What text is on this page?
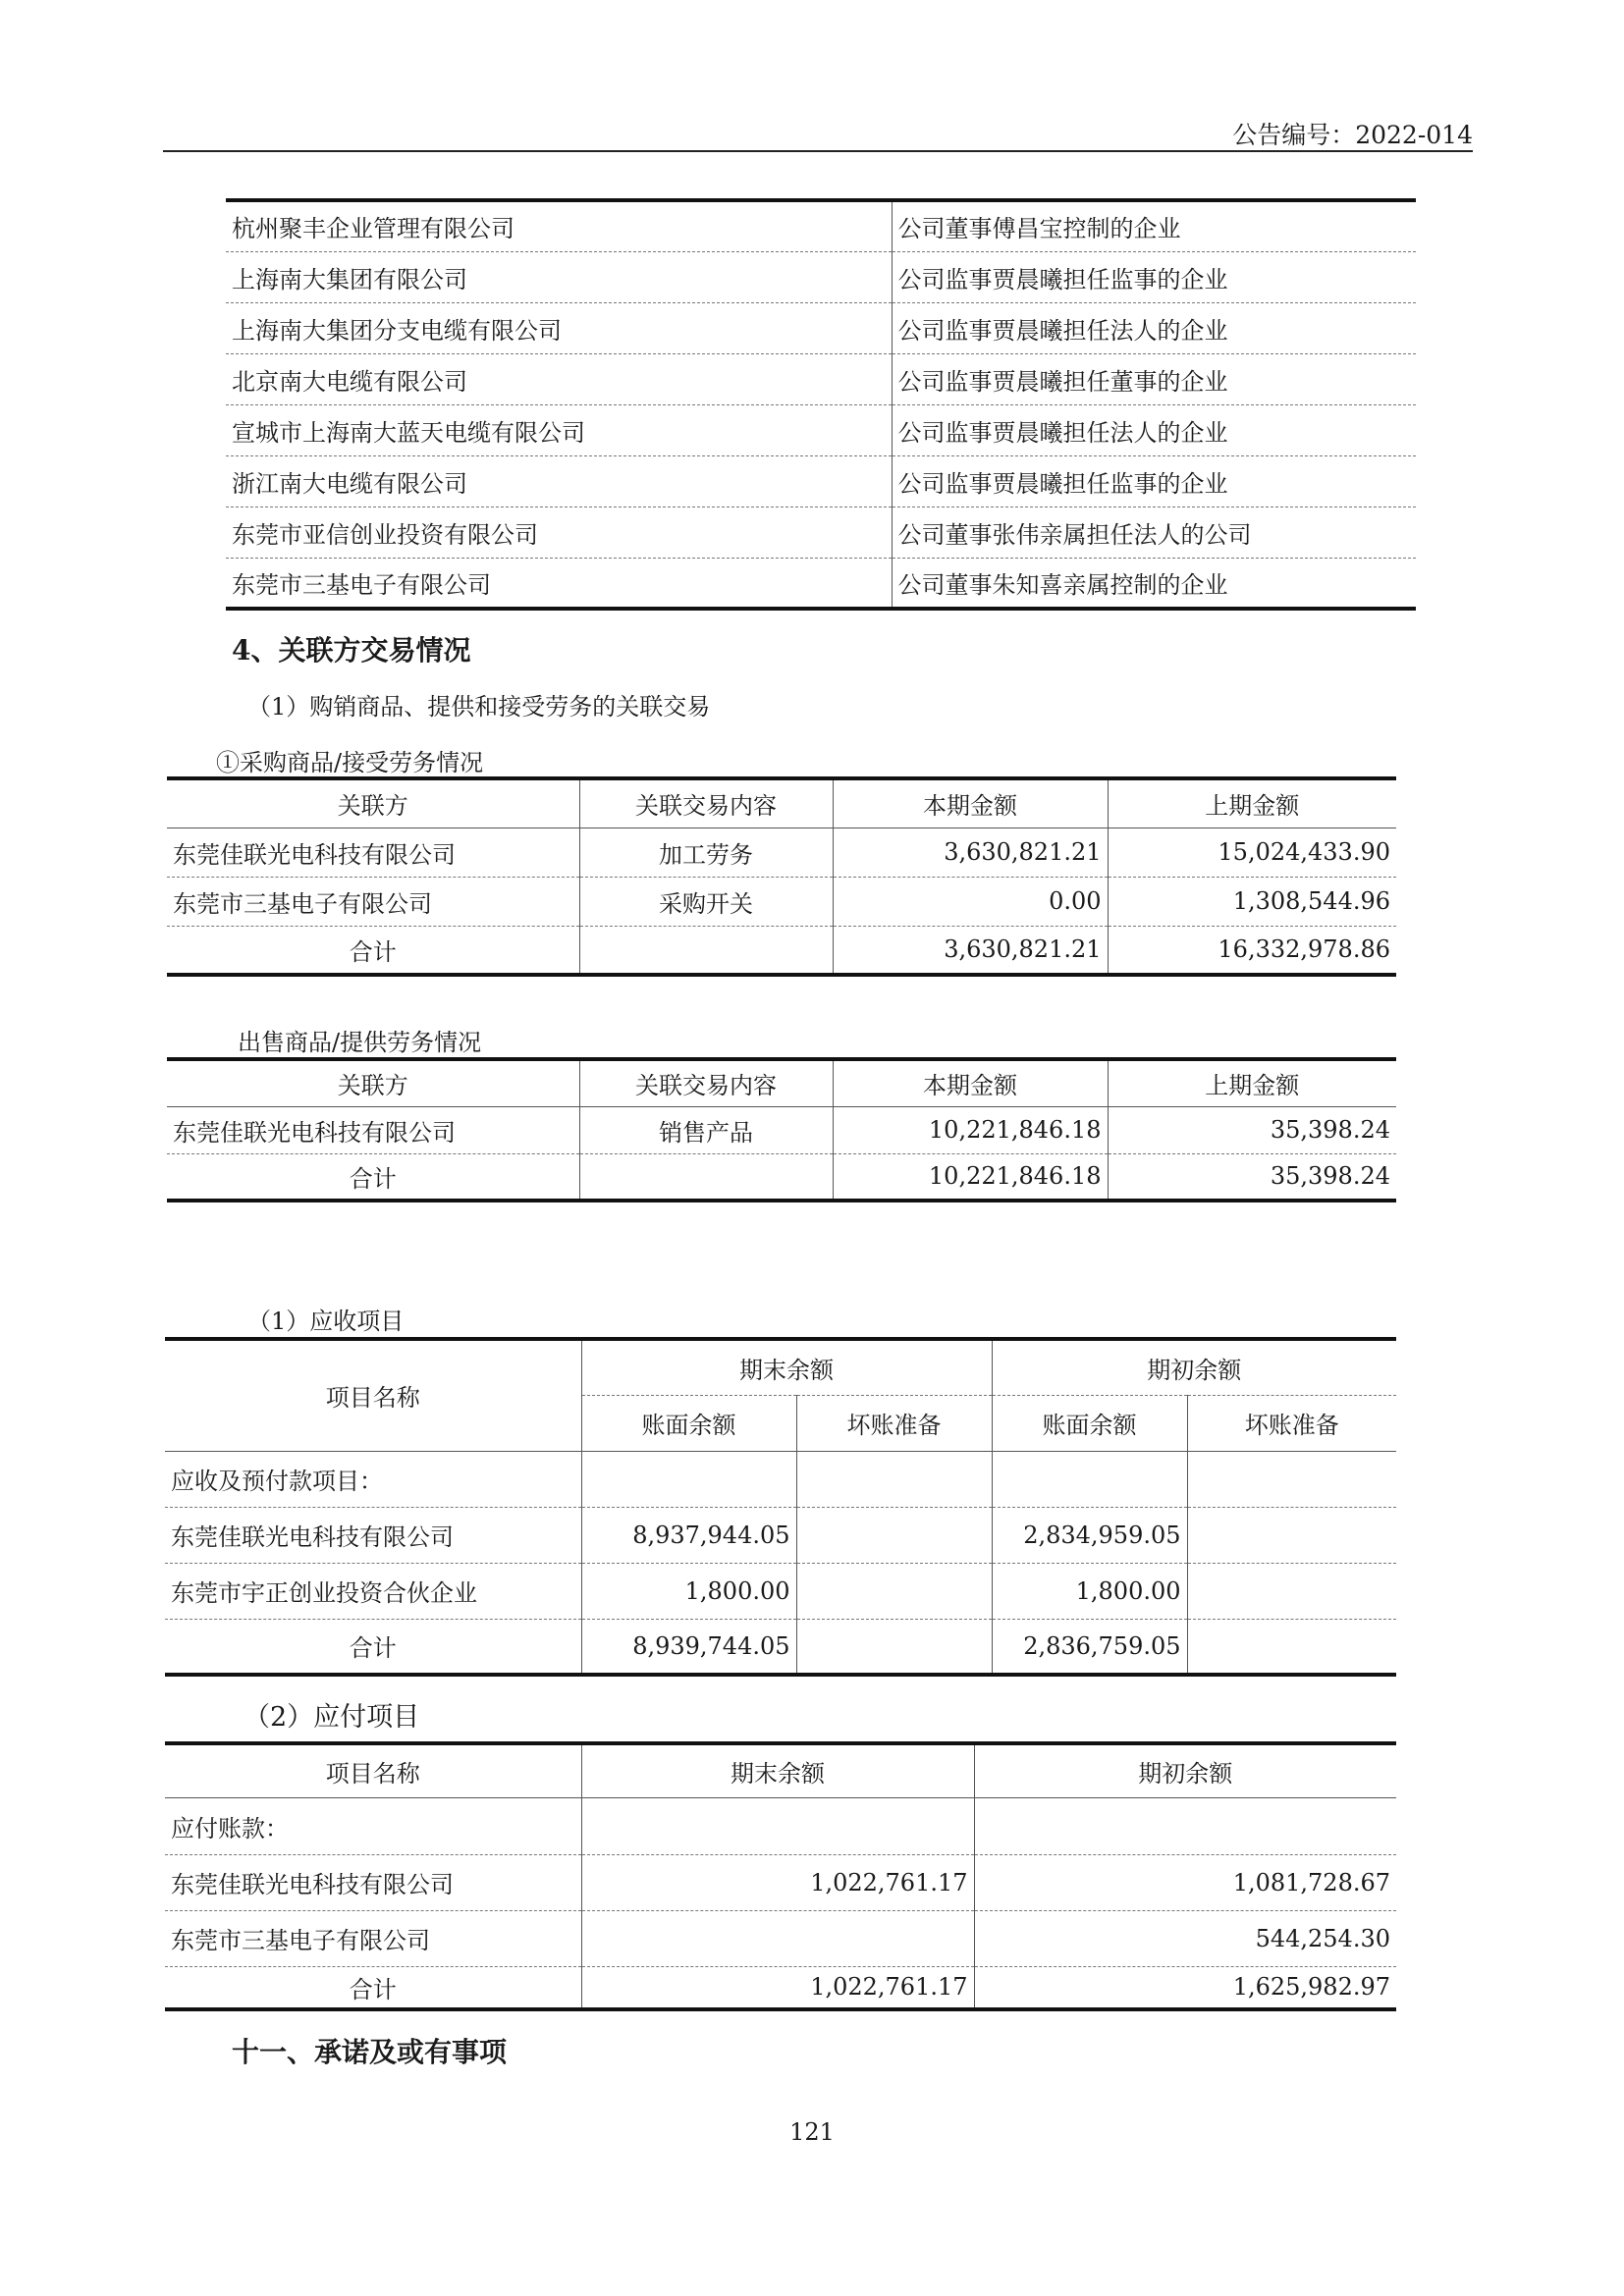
公告编号：2022-014
杭州聚丰企业管理有限公司	公司董事傅昌宝控制的企业
上海南大集团有限公司	公司监事贾晨曦担任监事的企业
上海南大集团分支电缆有限公司	公司监事贾晨曦担任法人的企业
北京南大电缆有限公司	公司监事贾晨曦担任董事的企业
宣城市上海南大蓝天电缆有限公司	公司监事贾晨曦担任法人的企业
浙江南大电缆有限公司	公司监事贾晨曦担任监事的企业
东莞市亚信创业投资有限公司	公司董事张伟亲属担任法人的公司
东莞市三基电子有限公司	公司董事朱知喜亲属控制的企业
4、关联方交易情况
（1）购销商品、提供和接受劳务的关联交易
①采购商品/接受劳务情况
关联方	关联交易内容	本期金额	上期金额
东莞佳联光电科技有限公司	加工劳务	3,630,821.21	15,024,433.90
东莞市三基电子有限公司	采购开关	0.00	1,308,544.96
合计		3,630,821.21	16,332,978.86
出售商品/提供劳务情况
关联方	关联交易内容	本期金额	上期金额
东莞佳联光电科技有限公司	销售产品	10,221,846.18	35,398.24
合计		10,221,846.18	35,398.24
（1）应收项目
项目名称	期末余额		期初余额	
	账面余额	坏账准备	账面余额	坏账准备
应收及预付款项目：				
东莞佳联光电科技有限公司	8,937,944.05		2,834,959.05	
东莞市宇正创业投资合伙企业	1,800.00		1,800.00	
合计	8,939,744.05		2,836,759.05	
（2）应付项目
项目名称	期末余额	期初余额
应付账款：		
东莞佳联光电科技有限公司	1,022,761.17	1,081,728.67
东莞市三基电子有限公司		544,254.30
合计	1,022,761.17	1,625,982.97
十一、承诺及或有事项
121
